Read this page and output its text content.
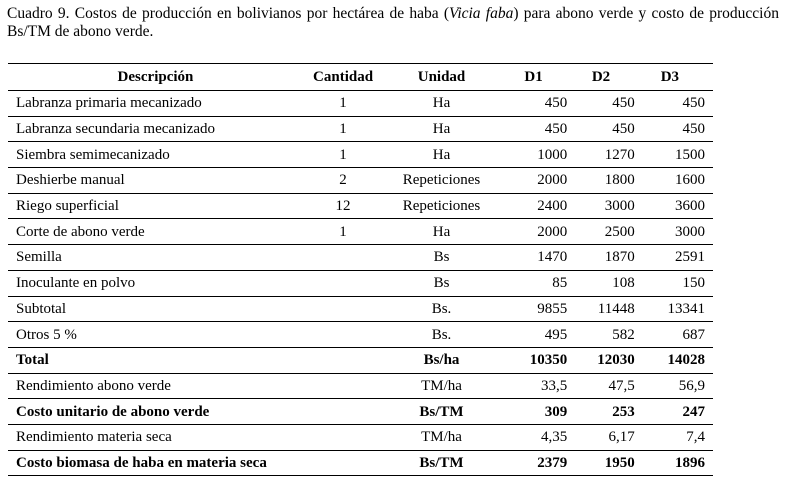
Cuadro 9. Costos de producción en bolivianos por hectárea de haba (Vicia faba) para abono verde y costo de producción Bs/TM de abono verde.
Descripción	Cantidad	Unidad	D1	D2	D3
Labranza primaria mecanizado	1	Ha	450	450	450
Labranza secundaria mecanizado	1	Ha	450	450	450
Siembra semimecanizado	1	Ha	1000	1270	1500
Deshierbe manual	2	Repeticiones	2000	1800	1600
Riego superficial	12	Repeticiones	2400	3000	3600
Corte de abono verde	1	Ha	2000	2500	3000
Semilla		Bs	1470	1870	2591
Inoculante en polvo		Bs	85	108	150
Subtotal		Bs.	9855	11448	13341
Otros 5 %		Bs.	495	582	687
Total		Bs/ha	10350	12030	14028
Rendimiento abono verde		TM/ha	33,5	47,5	56,9
Costo unitario de abono verde		Bs/TM	309	253	247
Rendimiento materia seca		TM/ha	4,35	6,17	7,4
Costo biomasa de haba en materia seca		Bs/TM	2379	1950	1896
